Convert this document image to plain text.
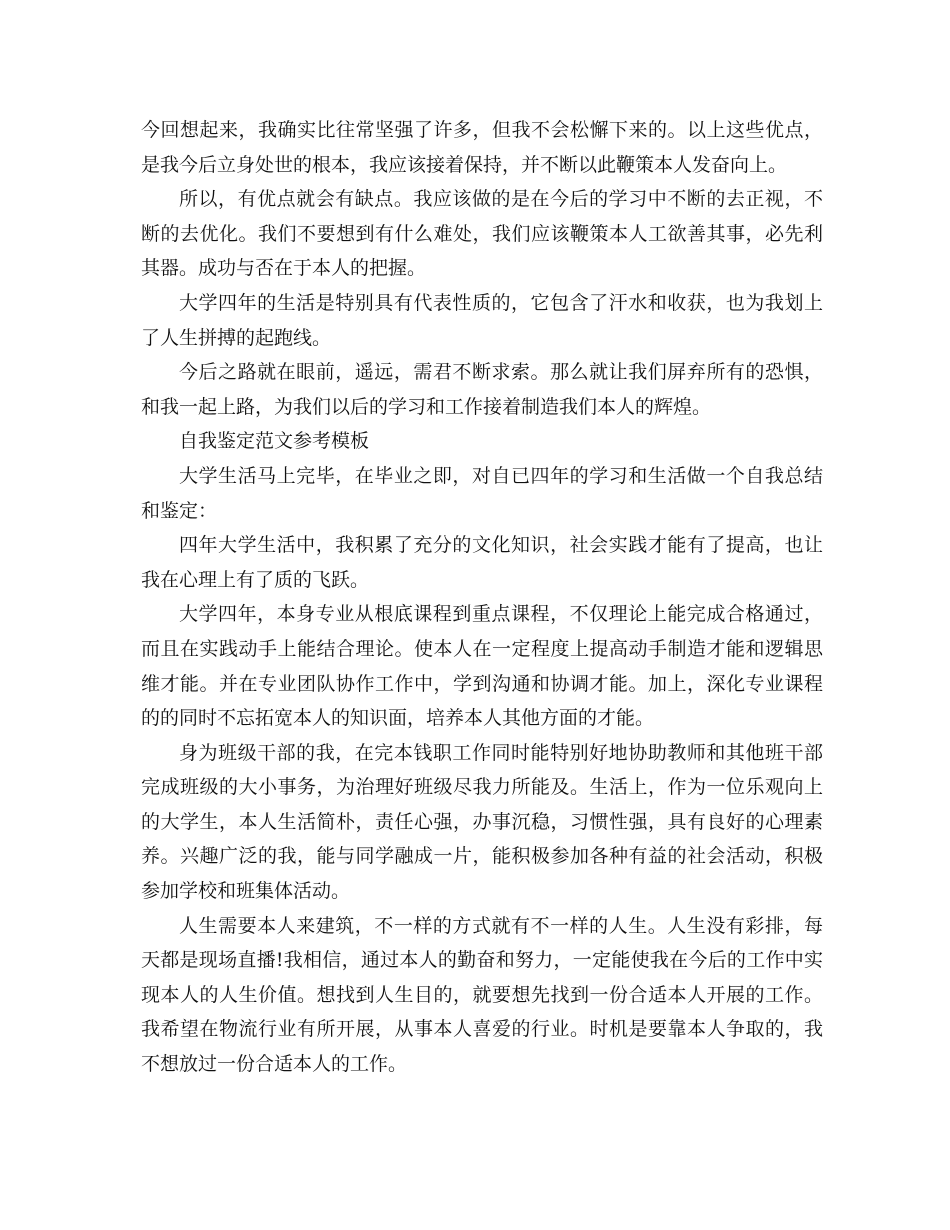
今回想起来，我确实比往常坚强了许多，但我不会松懈下来的。以上这些优点，是我今后立身处世的根本，我应该接着保持，并不断以此鞭策本人发奋向上。

所以，有优点就会有缺点。我应该做的是在今后的学习中不断的去正视，不断的去优化。我们不要想到有什么难处，我们应该鞭策本人工欲善其事，必先利其器。成功与否在于本人的把握。

大学四年的生活是特别具有代表性质的，它包含了汗水和收获，也为我划上了人生拼搏的起跑线。

今后之路就在眼前，遥远，需君不断求索。那么就让我们屏弃所有的恐惧，和我一起上路，为我们以后的学习和工作接着制造我们本人的辉煌。

自我鉴定范文参考模板

大学生活马上完毕，在毕业之即，对自已四年的学习和生活做一个自我总结和鉴定：

四年大学生活中，我积累了充分的文化知识，社会实践才能有了提高，也让我在心理上有了质的飞跃。

大学四年，本身专业从根底课程到重点课程，不仅理论上能完成合格通过，而且在实践动手上能结合理论。使本人在一定程度上提高动手制造才能和逻辑思维才能。并在专业团队协作工作中，学到沟通和协调才能。加上，深化专业课程的的同时不忘拓宽本人的知识面，培养本人其他方面的才能。

身为班级干部的我，在完本钱职工作同时能特别好地协助教师和其他班干部完成班级的大小事务，为治理好班级尽我力所能及。生活上，作为一位乐观向上的大学生，本人生活简朴，责任心强，办事沉稳，习惯性强，具有良好的心理素养。兴趣广泛的我，能与同学融成一片，能积极参加各种有益的社会活动，积极参加学校和班集体活动。

人生需要本人来建筑，不一样的方式就有不一样的人生。人生没有彩排，每天都是现场直播!我相信，通过本人的勤奋和努力，一定能使我在今后的工作中实现本人的人生价值。想找到人生目的，就要想先找到一份合适本人开展的工作。我希望在物流行业有所开展，从事本人喜爱的行业。时机是要靠本人争取的，我不想放过一份合适本人的工作。
